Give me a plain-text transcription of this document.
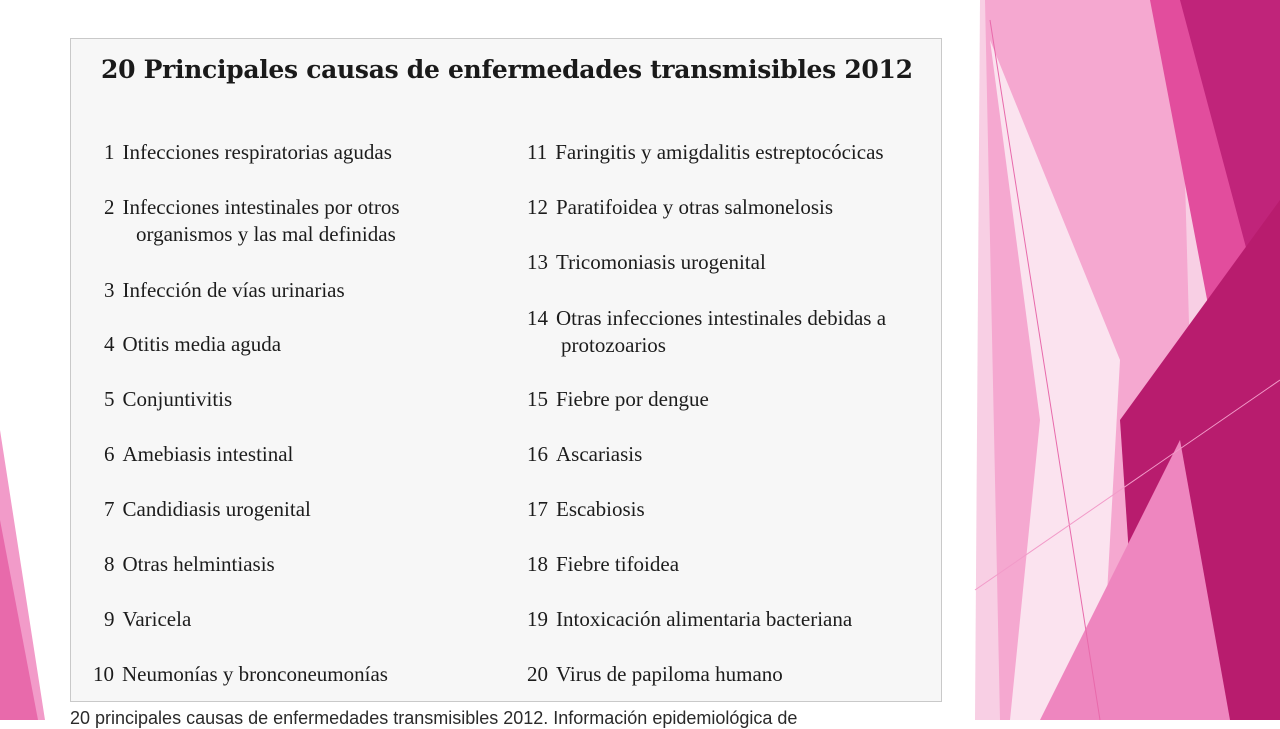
20 Principales causas de enfermedades transmisibles 2012
1 Infecciones respiratorias agudas
2 Infecciones intestinales por otros
organismos y las mal definidas
3 Infección de vías urinarias
4 Otitis media aguda
5 Conjuntivitis
6 Amebiasis intestinal
7 Candidiasis urogenital
8 Otras helmintiasis
9 Varicela
10 Neumonías y bronconeumonías
11 Faringitis y amigdalitis estreptocócicas
12 Paratifoidea y otras salmonelosis
13 Tricomoniasis urogenital
14 Otras infecciones intestinales debidas a
protozoarios
15 Fiebre por dengue
16 Ascariasis
17 Escabiosis
18 Fiebre tifoidea
19 Intoxicación alimentaria bacteriana
20 Virus de papiloma humano
20 principales causas de enfermedades transmisibles 2012. Información epidemiológica de
